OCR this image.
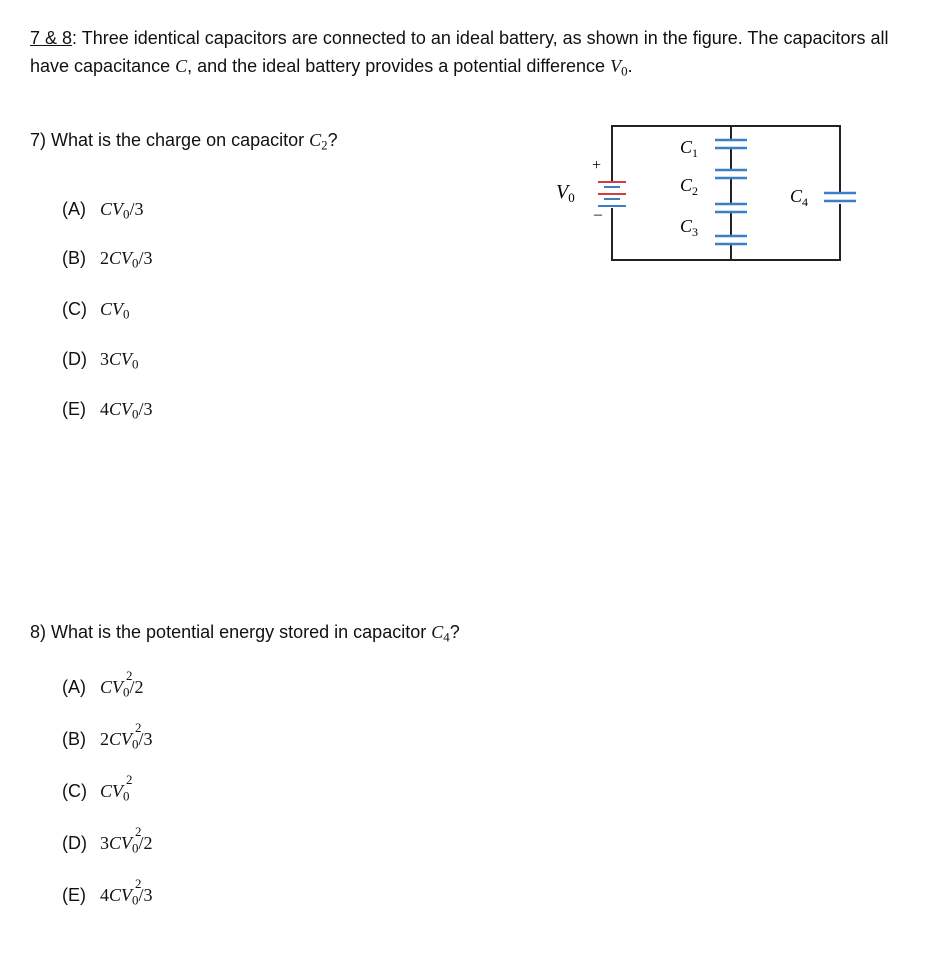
7 & 8: Three identical capacitors are connected to an ideal battery, as shown in the figure. The capacitors all have capacitance C, and the ideal battery provides a potential difference $V_0$.
7) What is the charge on capacitor $C_2$?
(A) $CV_0/3$
(B) $2CV_0/3$
(C) $CV_0$
(D) $3CV_0$
(E) $4CV_0/3$
8) What is the potential energy stored in capacitor $C_4$?
(A) CV
2
$_0$/2
(B) 2CV
2
$_0$/3
(C) CV
2
$_0$
(D) 3CV
2
$_0$/2
(E) 4CV
2
$_0$/3
+
–
$V_0$
$C_1$
$C_2$
$C_3$
$C_4$
